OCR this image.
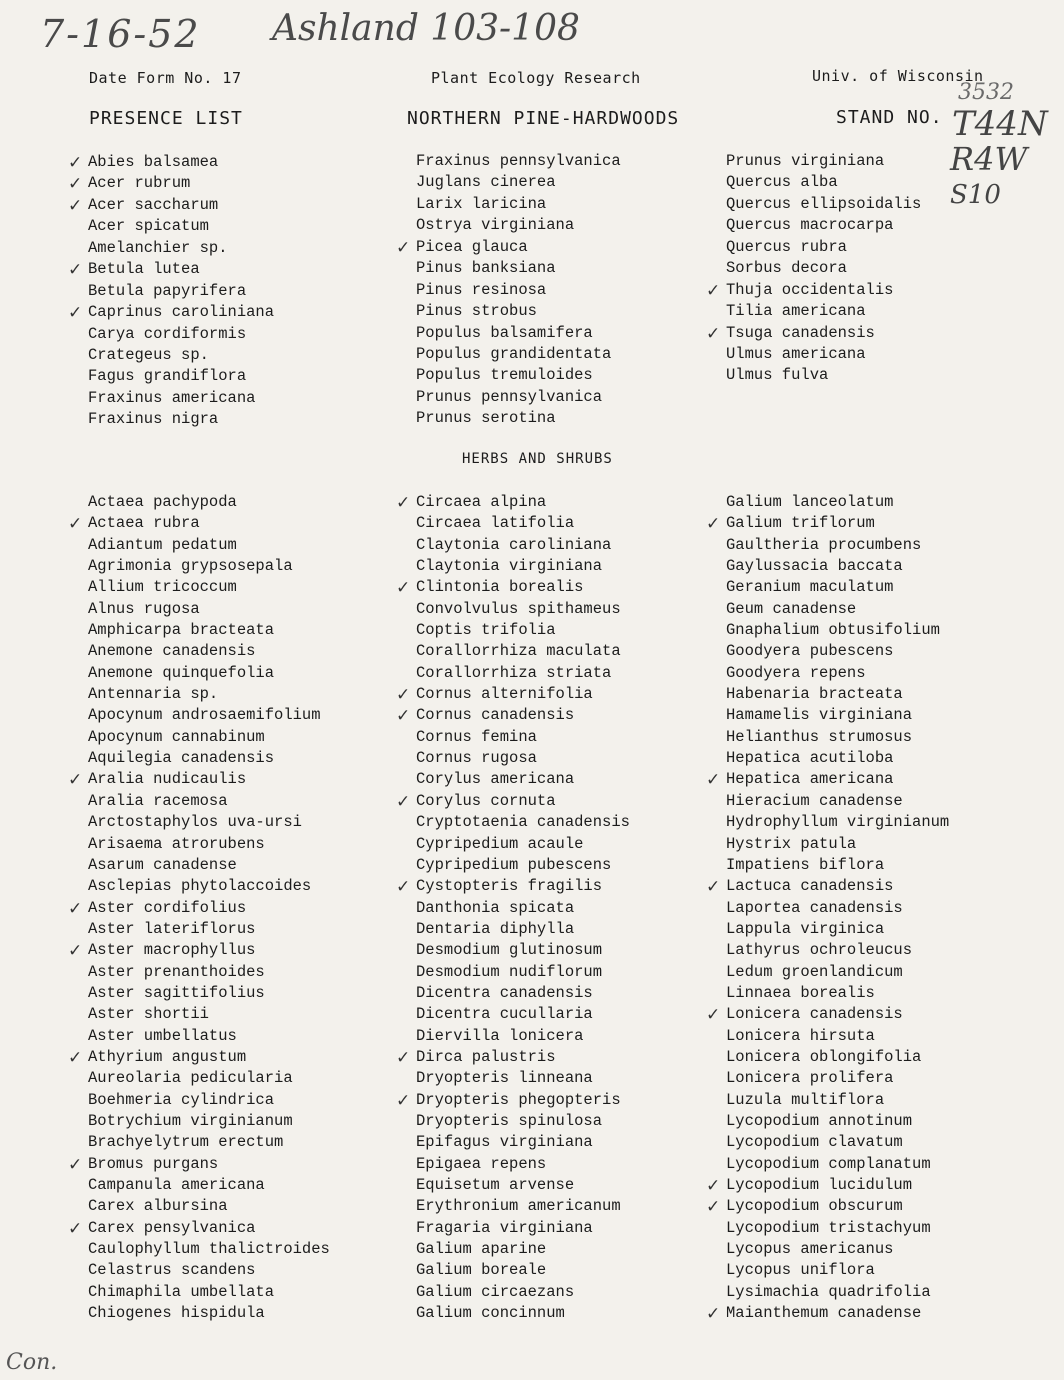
7-16-52 Ashland 103-108
3532
T44N
R4W
S10
Con.
Date Form No. 17	Plant Ecology Research	Univ. of Wisconsin
PRESENCE LIST	NORTHERN PINE-HARDWOODS	STAND NO.
✓ Abies balsamea
✓ Acer rubrum
✓ Acer saccharum
Acer spicatum
Amelanchier sp.
✓ Betula lutea
Betula papyrifera
✓ Caprinus caroliniana
Carya cordiformis
Crategeus sp.
Fagus grandiflora
Fraxinus americana
Fraxinus nigra
Fraxinus pennsylvanica
Juglans cinerea
Larix laricina
Ostrya virginiana
✓ Picea glauca
Pinus banksiana
Pinus resinosa
Pinus strobus
Populus balsamifera
Populus grandidentata
Populus tremuloides
Prunus pennsylvanica
Prunus serotina
Prunus virginiana
Quercus alba
Quercus ellipsoidalis
Quercus macrocarpa
Quercus rubra
Sorbus decora
✓ Thuja occidentalis
Tilia americana
✓ Tsuga canadensis
Ulmus americana
Ulmus fulva
HERBS AND SHRUBS
Actaea pachypoda
✓ Actaea rubra
Adiantum pedatum
Agrimonia grypsosepala
Allium tricoccum
Alnus rugosa
Amphicarpa bracteata
Anemone canadensis
Anemone quinquefolia
Antennaria sp.
Apocynum androsaemifolium
Apocynum cannabinum
Aquilegia canadensis
✓ Aralia nudicaulis
Aralia racemosa
Arctostaphylos uva-ursi
Arisaema atrorubens
Asarum canadense
Asclepias phytolaccoides
✓ Aster cordifolius
Aster lateriflorus
✓ Aster macrophyllus
Aster prenanthoides
Aster sagittifolius
Aster shortii
Aster umbellatus
✓ Athyrium angustum
Aureolaria pedicularia
Boehmeria cylindrica
Botrychium virginianum
Brachyelytrum erectum
✓ Bromus purgans
Campanula americana
Carex albursina
✓ Carex pensylvanica
Caulophyllum thalictroides
Celastrus scandens
Chimaphila umbellata
Chiogenes hispidula
✓ Circaea alpina
Circaea latifolia
Claytonia caroliniana
Claytonia virginiana
✓ Clintonia borealis
Convolvulus spithameus
Coptis trifolia
Corallorrhiza maculata
Corallorrhiza striata
✓ Cornus alternifolia
✓ Cornus canadensis
Cornus femina
Cornus rugosa
Corylus americana
✓ Corylus cornuta
Cryptotaenia canadensis
Cypripedium acaule
Cypripedium pubescens
✓ Cystopteris fragilis
Danthonia spicata
Dentaria diphylla
Desmodium glutinosum
Desmodium nudiflorum
Dicentra canadensis
Dicentra cucullaria
Diervilla lonicera
✓ Dirca palustris
Dryopteris linneana
✓ Dryopteris phegopteris
Dryopteris spinulosa
Epifagus virginiana
Epigaea repens
Equisetum arvense
Erythronium americanum
Fragaria virginiana
Galium aparine
Galium boreale
Galium circaezans
Galium concinnum
Galium lanceolatum
✓ Galium triflorum
Gaultheria procumbens
Gaylussacia baccata
Geranium maculatum
Geum canadense
Gnaphalium obtusifolium
Goodyera pubescens
Goodyera repens
Habenaria bracteata
Hamamelis virginiana
Helianthus strumosus
Hepatica acutiloba
✓ Hepatica americana
Hieracium canadense
Hydrophyllum virginianum
Hystrix patula
Impatiens biflora
✓ Lactuca canadensis
Laportea canadensis
Lappula virginica
Lathyrus ochroleucus
Ledum groenlandicum
Linnaea borealis
✓ Lonicera canadensis
Lonicera hirsuta
Lonicera oblongifolia
Lonicera prolifera
Luzula multiflora
Lycopodium annotinum
Lycopodium clavatum
Lycopodium complanatum
✓ Lycopodium lucidulum
✓ Lycopodium obscurum
Lycopodium tristachyum
Lycopus americanus
Lycopus uniflora
Lysimachia quadrifolia
✓ Maianthemum canadense
